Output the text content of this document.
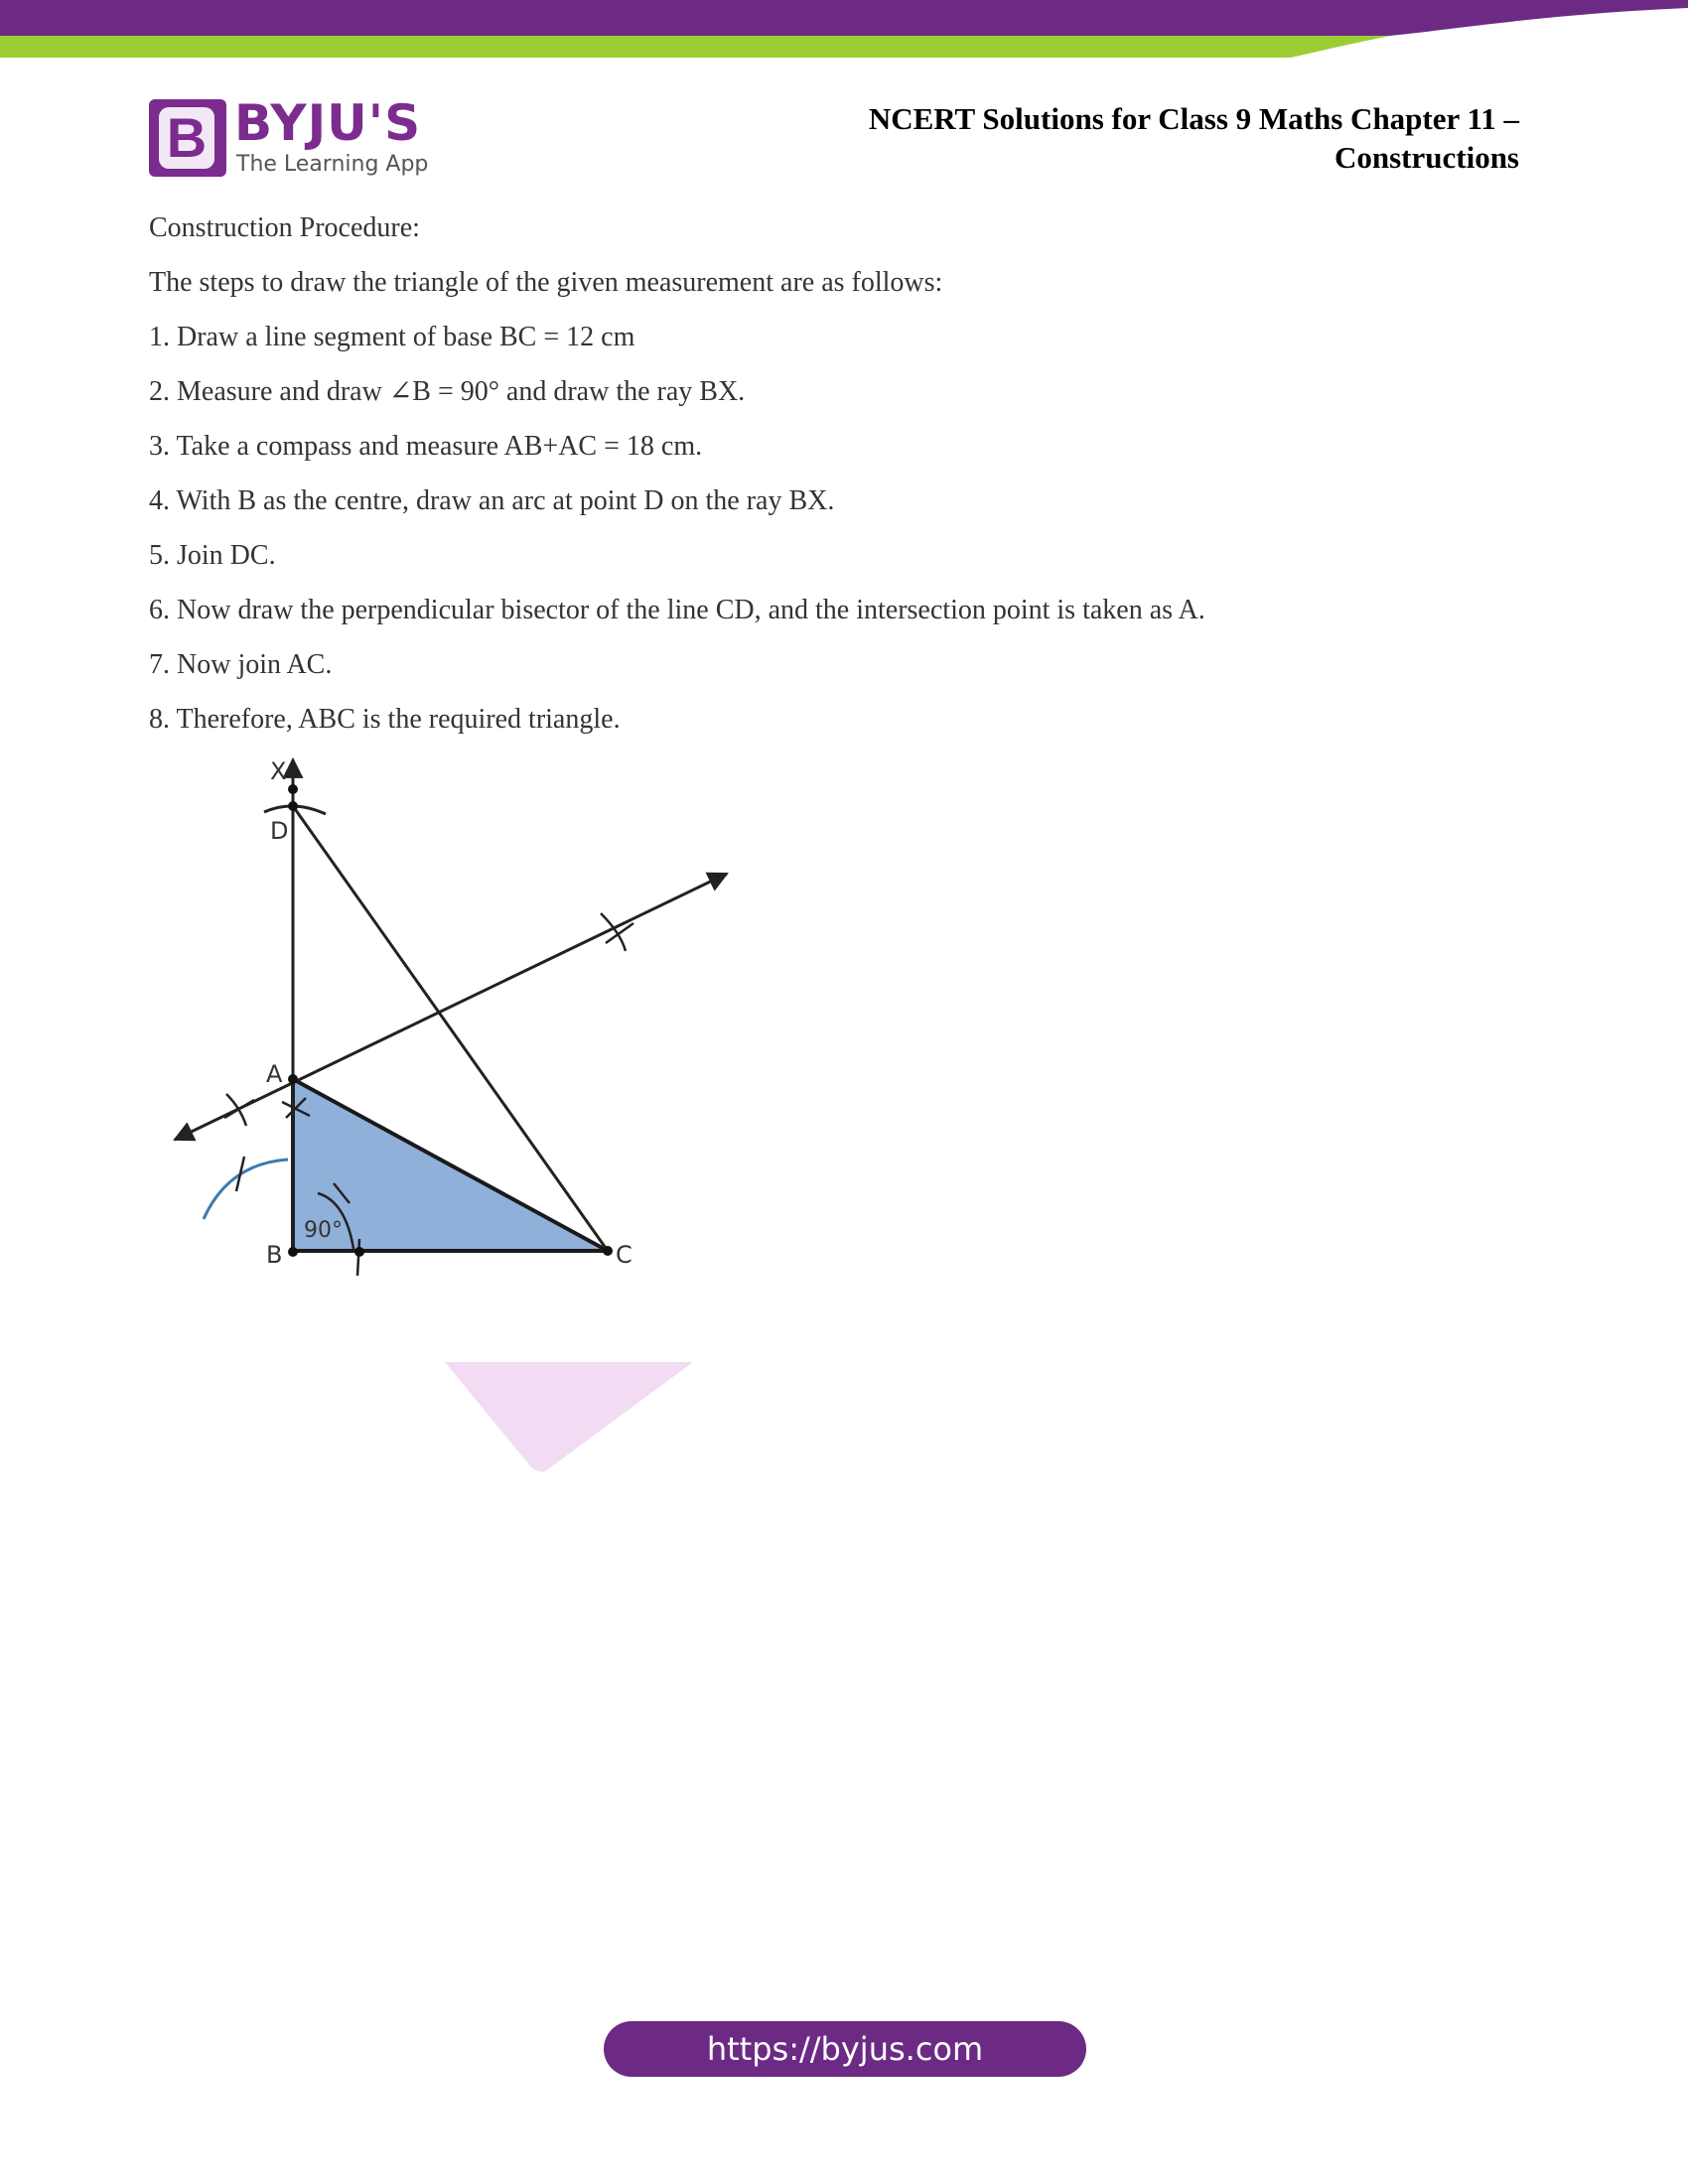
B BYJU'S
The Learning App
NCERT Solutions for Class 9 Maths Chapter 11 –
Constructions

Construction Procedure:

The steps to draw the triangle of the given measurement are as follows:

1. Draw a line segment of base BC = 12 cm

2. Measure and draw ∠B = 90° and draw the ray BX.

3. Take a compass and measure AB+AC = 18 cm.

4. With B as the centre, draw an arc at point D on the ray BX.

5. Join DC.

6. Now draw the perpendicular bisector of the line CD, and the intersection point is taken as A.

7. Now join AC.

8. Therefore, ABC is the required triangle.

X
D
A
B	C
90°
https://byjus.com
